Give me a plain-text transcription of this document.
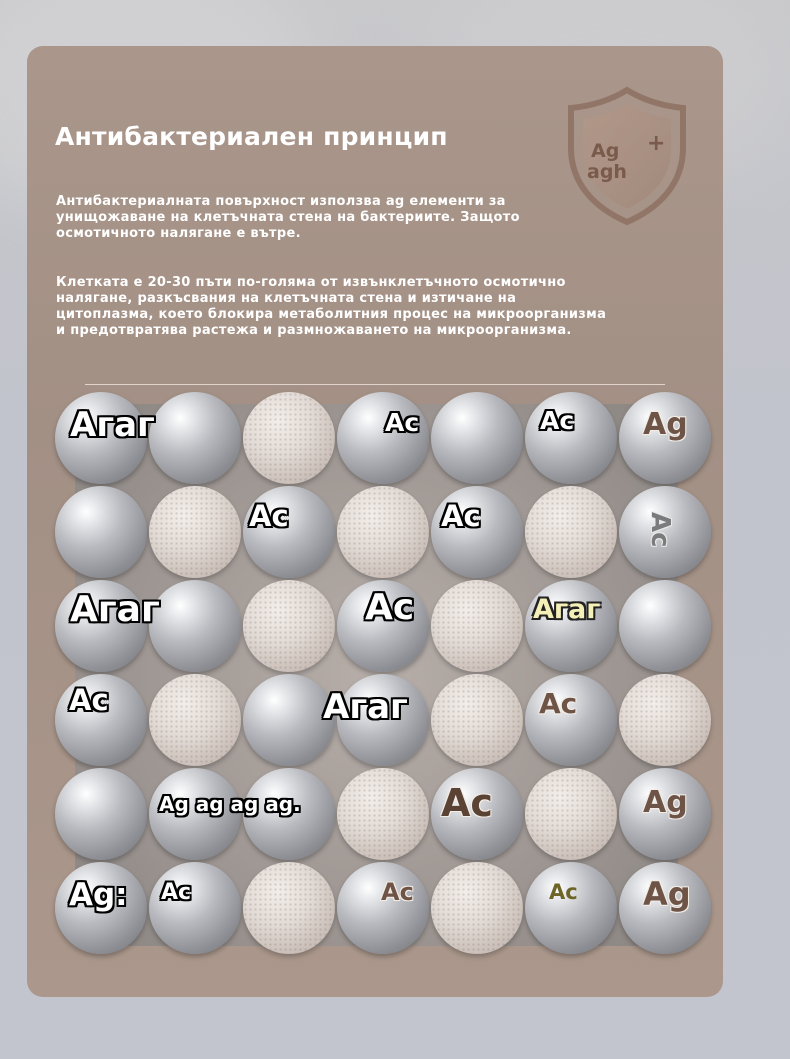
Ag
agh
+
Антибактериален принцип

Антибактериалната повърхност използва ag елементи за унищожаване на клетъчната стена на бактериите. Защото осмотичното налягане е вътре.

Клетката е 20-30 пъти по-голяма от извънклетъчното осмотично налягане, разкъсвания на клетъчната стена и изтичане на цитоплазма, което блокира метаболитния процес на микроорганизма и предотвратява растежа и размножаването на микроорганизма.

Агаг	Ас	Ас Ag
Ас	Ас	Ac
Агаг	Ас	Агаг
Ас	Агаг	Ас
Ag ag ag ag.	Ас	Ag
Ag: Ас	Ас	Ас Ag
